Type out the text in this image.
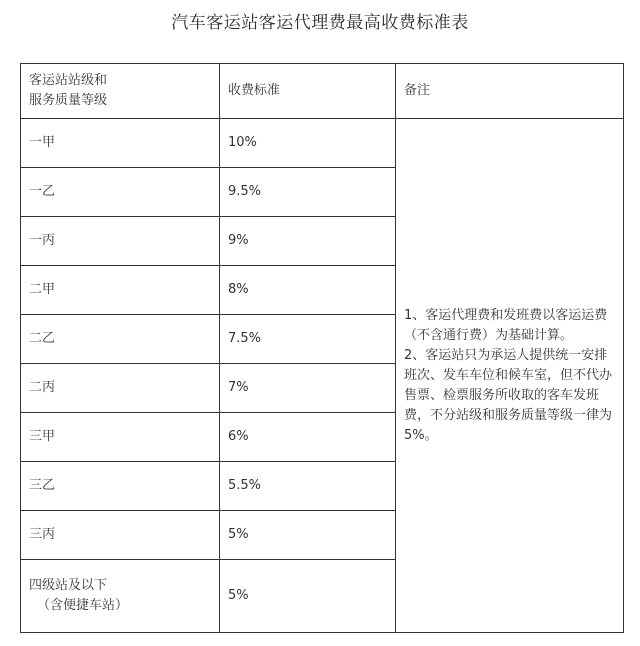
汽车客运站客运代理费最高收费标准表
客运站站级和
服务质量等级	收费标准	备注
一甲	10%	1、客运代理费和发班费以客运运费（不含通行费）为基础计算。
2、客运站只为承运人提供统一安排班次、发车车位和候车室，但不代办售票、检票服务所收取的客车发班费，不分站级和服务质量等级一律为5%。

一乙	9.5%	
一丙	9%	
二甲	8%	
二乙	7.5%	
二丙	7%	
三甲	6%	
三乙	5.5%	
三丙	5%	

四级站及以下
（含便捷车站）	5%	
